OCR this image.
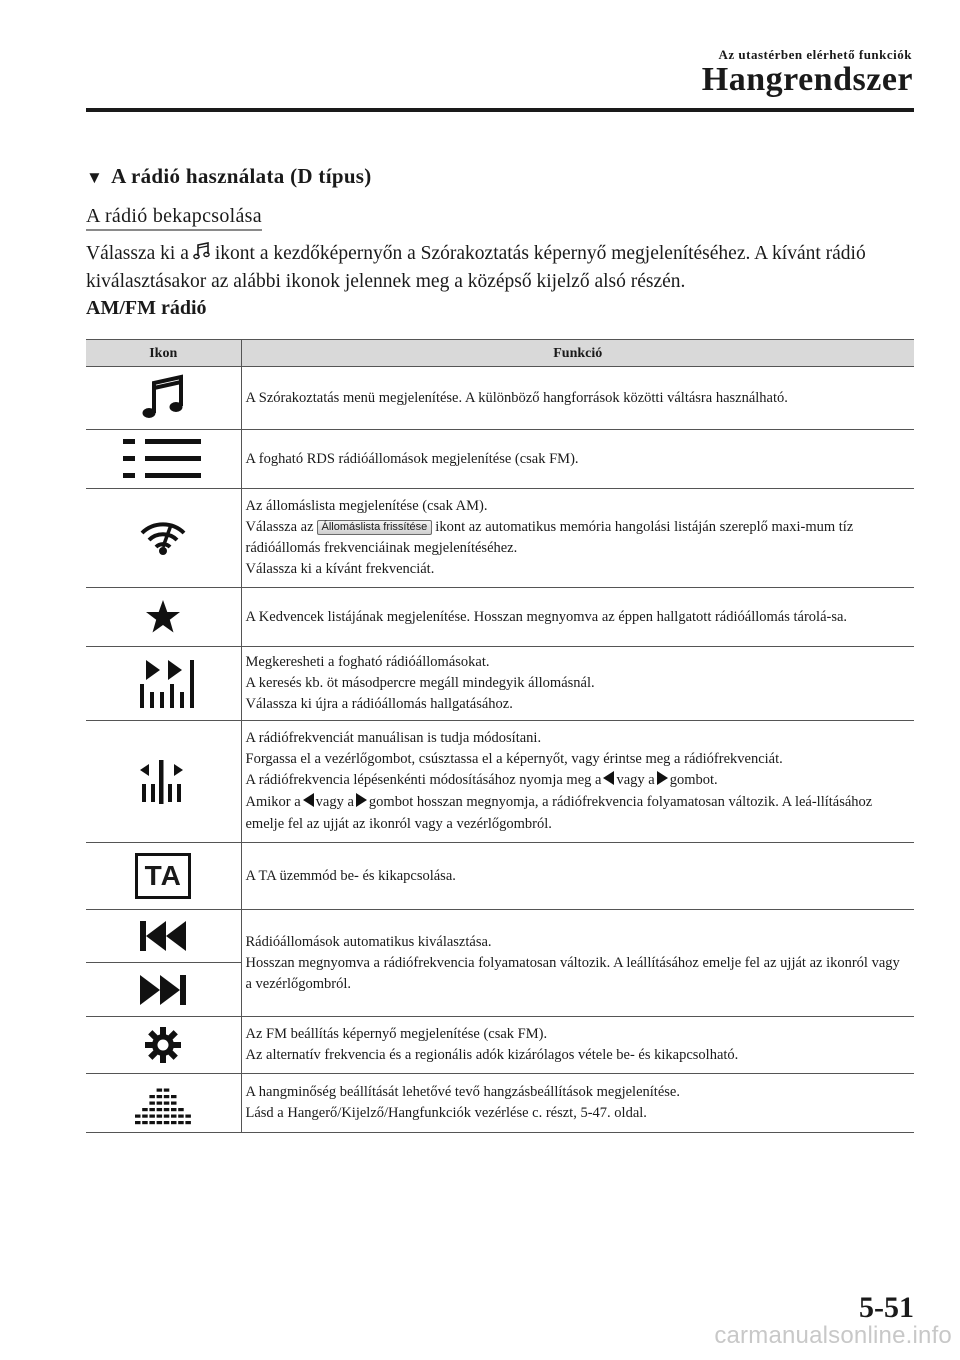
Az utastérben elérhető funkciók
Hangrendszer
▼ A rádió használata (D típus)
A rádió bekapcsolása
Válassza ki a ikont a kezdőképernyőn a Szórakoztatás képernyő megjelenítéséhez. A kívánt rádió kiválasztásakor az alábbi ikonok jelennek meg a középső kijelző alsó részén.
AM/FM rádió
Ikon	Funkció

	A Szórakoztatás menü megjelenítése. A különböző hangforrások közötti váltásra használható.

	A fogható RDS rádióállomások megjelenítése (csak FM).

Az állomáslista megjelenítése (csak AM).
Válassza az Állomáslista frissítése ikont az automatikus memória hangolási listáján szereplő maxi-mum tíz rádióállomás frekvenciáinak megjelenítéséhez.
Válassza ki a kívánt frekvenciát.

	A Kedvencek listájának megjelenítése. Hosszan megnyomva az éppen hallgatott rádióállomás tárolá-sa.

Megkeresheti a fogható rádióállomásokat.
A keresés kb. öt másodpercre megáll mindegyik állomásnál.
Válassza ki újra a rádióállomás hallgatásához.

A rádiófrekvenciát manuálisan is tudja módosítani.
Forgassa el a vezérlőgombot, csúsztassa el a képernyőt, vagy érintse meg a rádiófrekvenciát.
A rádiófrekvencia lépésenkénti módosításához nyomja meg a vagy a gombot.
Amikor a vagy a gombot hosszan megnyomja, a rádiófrekvencia folyamatosan változik. A leá-llításához emelje fel az ujját az ikonról vagy a vezérlőgombról.

TA	A TA üzemmód be- és kikapcsolása.

Rádióállomások automatikus kiválasztása.
Hosszan megnyomva a rádiófrekvencia folyamatosan változik. A leállításához emelje fel az ujját az ikonról vagy a vezérlőgombról.

Az FM beállítás képernyő megjelenítése (csak FM).
Az alternatív frekvencia és a regionális adók kizárólagos vétele be- és kikapcsolható.

A hangminőség beállítását lehetővé tevő hangzásbeállítások megjelenítése.
Lásd a Hangerő/Kijelző/Hangfunkciók vezérlése c. részt, 5-47. oldal.
5-51
carmanualsonline.info
